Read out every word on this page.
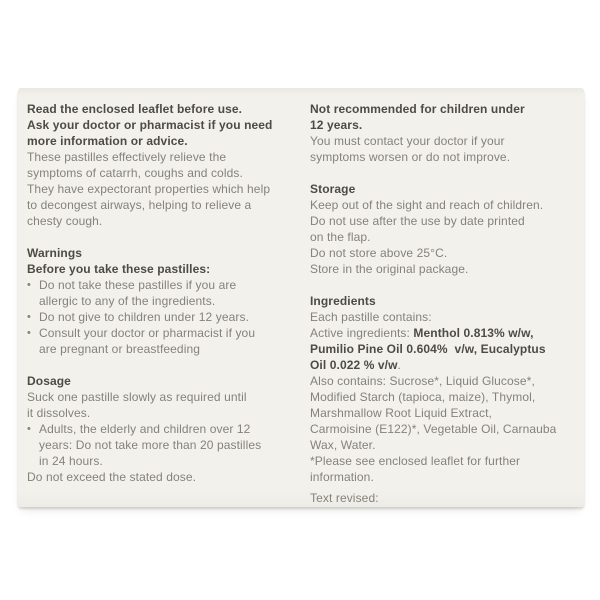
Read the enclosed leaflet before use.
Ask your doctor or pharmacist if you need
more information or advice.
These pastilles effectively relieve the
symptoms of catarrh, coughs and colds.
They have expectorant properties which help
to decongest airways, helping to relieve a
chesty cough.
Warnings
Before you take these pastilles:
• Do not take these pastilles if you are
allergic to any of the ingredients.
• Do not give to children under 12 years.
• Consult your doctor or pharmacist if you
are pregnant or breastfeeding
Dosage
Suck one pastille slowly as required until
it dissolves.
• Adults, the elderly and children over 12
years: Do not take more than 20 pastilles
in 24 hours.
Do not exceed the stated dose.
Not recommended for children under
12 years.
You must contact your doctor if your
symptoms worsen or do not improve.
Storage
Keep out of the sight and reach of children.
Do not use after the use by date printed
on the flap.
Do not store above 25°C.
Store in the original package.
Ingredients
Each pastille contains:
Active ingredients: Menthol 0.813% w/w,
Pumilio Pine Oil 0.604%  v/w, Eucalyptus
Oil 0.022 % v/w.
Also contains: Sucrose*, Liquid Glucose*,
Modified Starch (tapioca, maize), Thymol,
Marshmallow Root Liquid Extract,
Carmoisine (E122)*, Vegetable Oil, Carnauba
Wax, Water.
*Please see enclosed leaflet for further
information.
Text revised:
